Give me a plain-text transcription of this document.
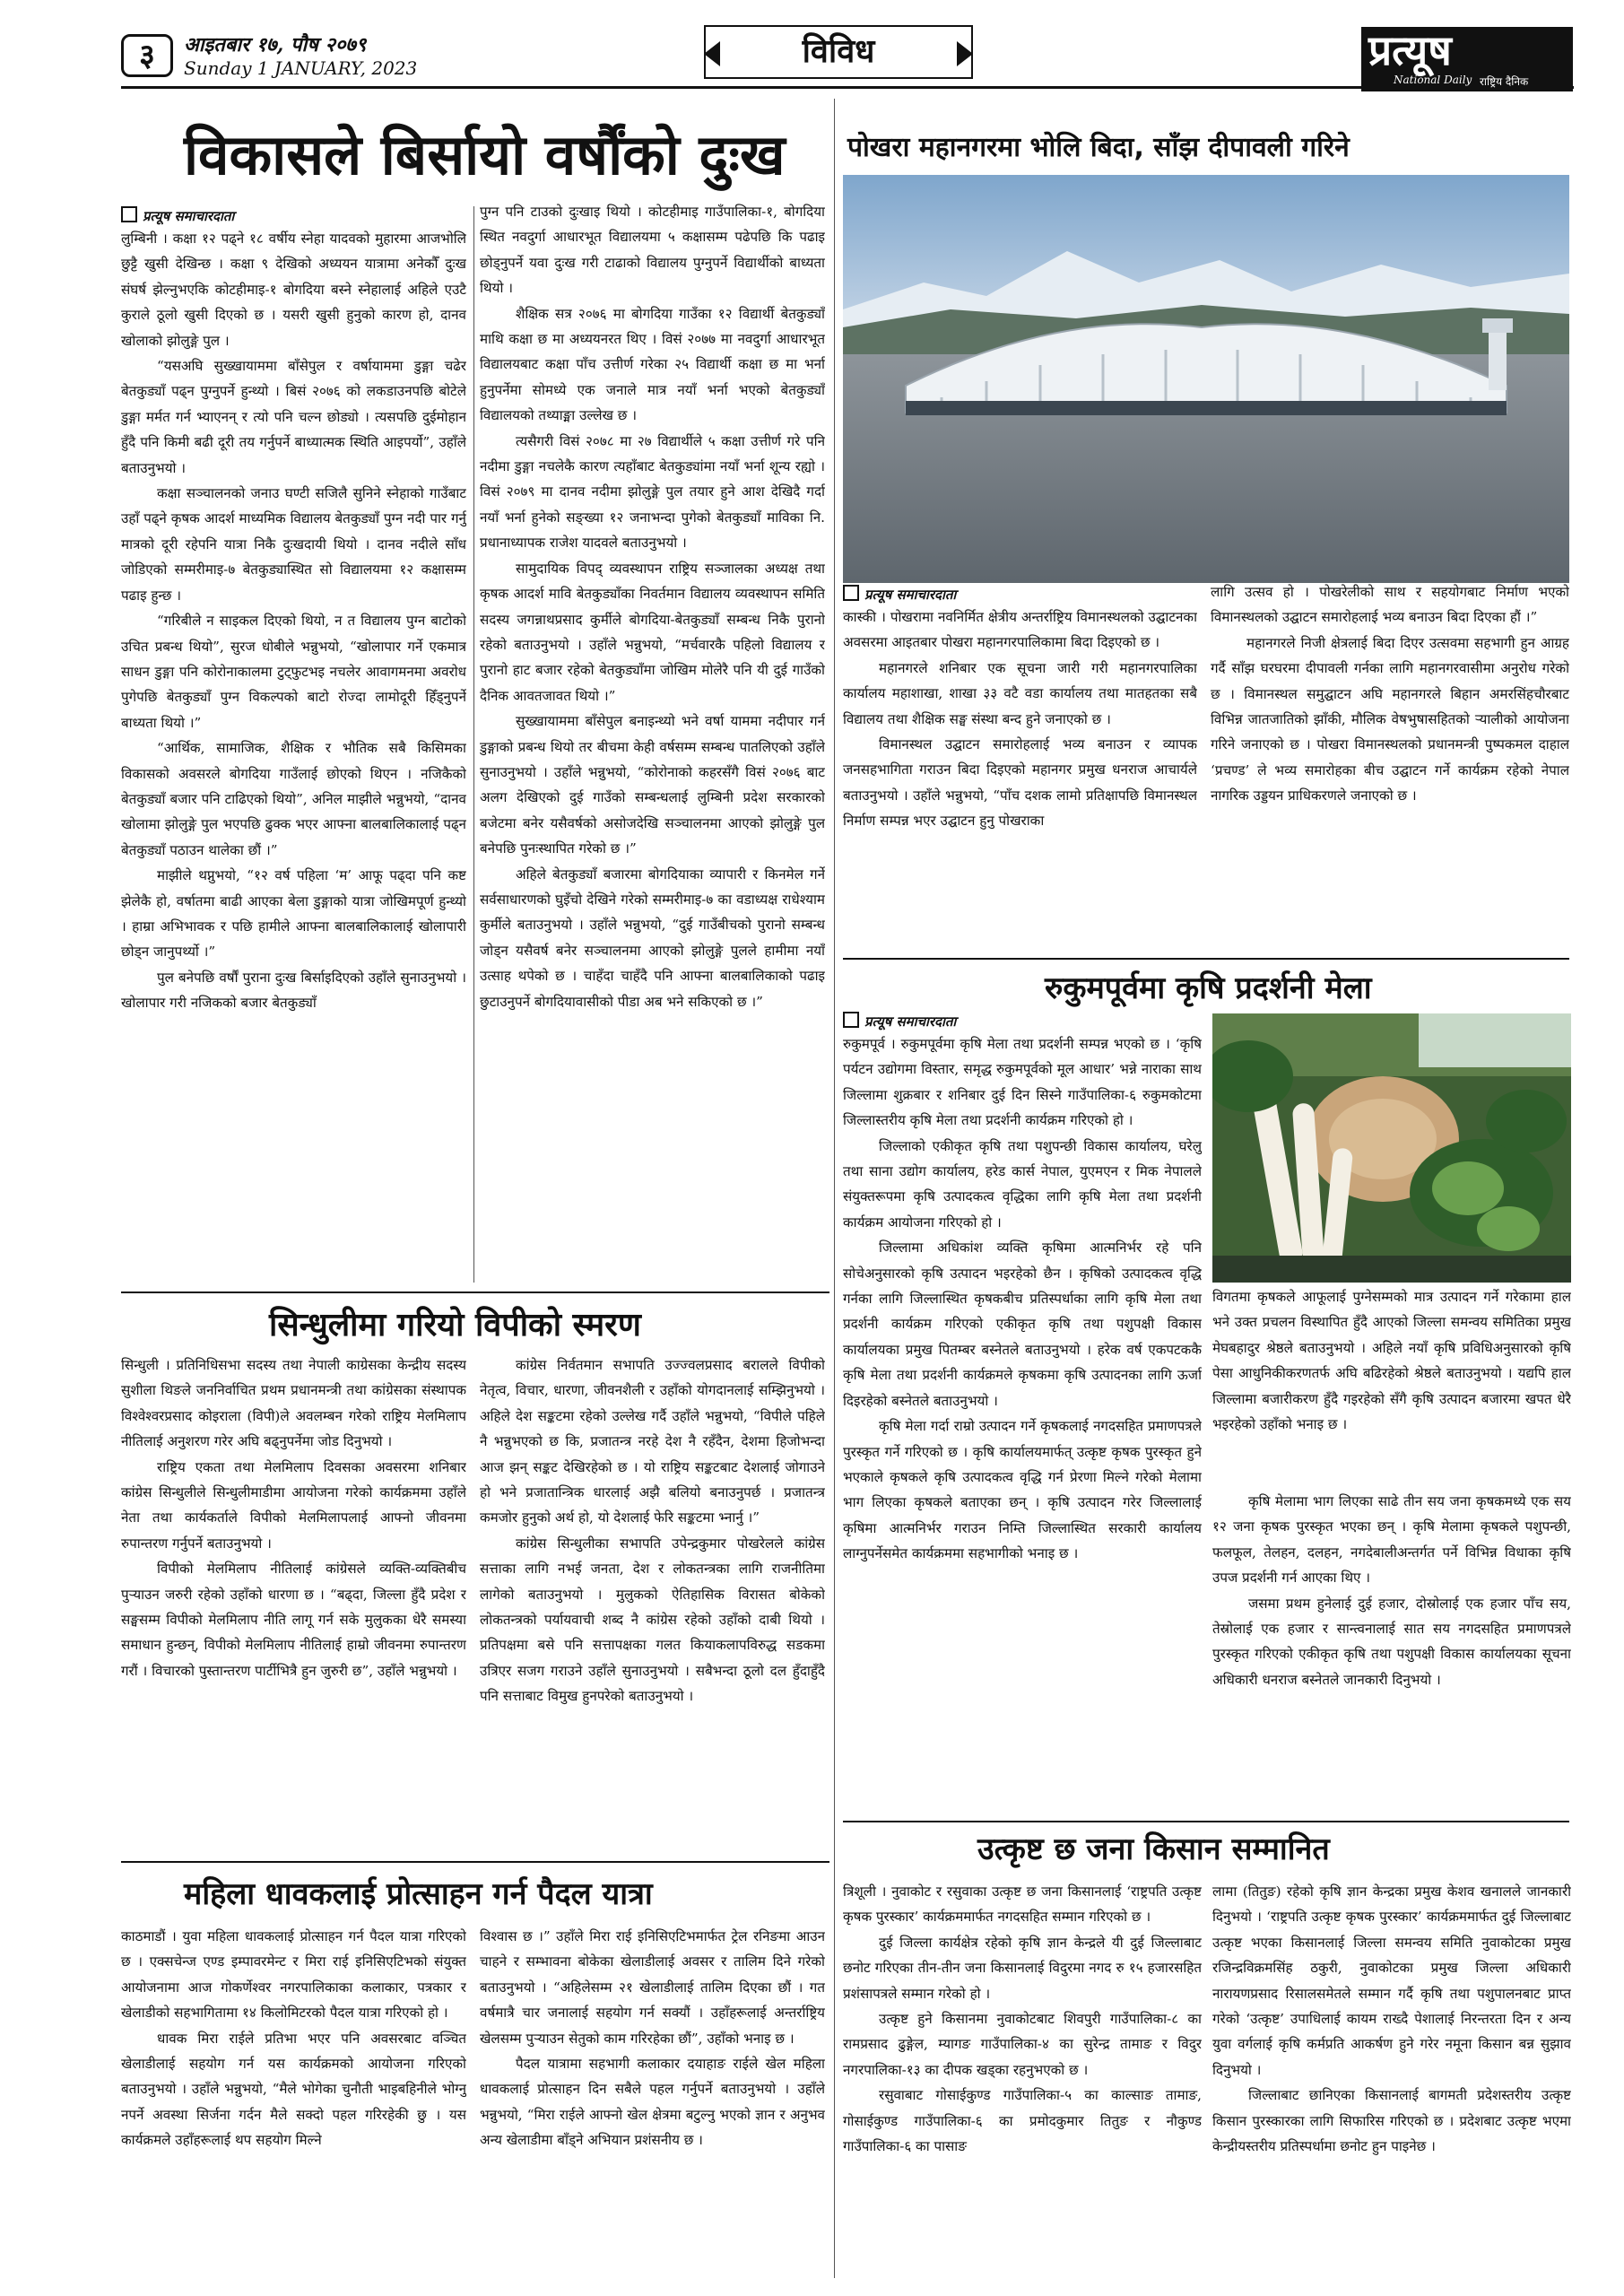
३	आइतबार १७, पौष २०७९
Sunday 1 JANUARY, 2023	विविध	प्रत्यूष
National Daily राष्ट्रिय दैनिक
विकासले बिर्सायो वर्षौंको दुःख
प्रत्यूष समाचारदाता

लुम्बिनी । कक्षा १२ पढ्ने १८ वर्षीय स्नेहा यादवको मुहारमा आजभोलि छुट्टै खुसी देखिन्छ । कक्षा ९ देखिको अध्ययन यात्रामा अनेकौँ दुःख संघर्ष झेल्नुभएकि कोटहीमाइ-१ बोगदिया बस्ने स्नेहालाई अहिले एउटै कुराले ठूलो खुसी दिएको छ । यसरी खुसी हुनुको कारण हो, दानव खोलाको झोलुङ्गे पुल ।

“यसअघि सुख्खायाममा बाँसेपुल र वर्षायाममा डुङ्गा चढेर बेतकुड्याँ पढ्न पुग्नुपर्ने हुन्थ्यो । बिसं २०७६ को लकडाउनपछि बोटेले डुङ्गा मर्मत गर्न भ्याएनन् र त्यो पनि चल्न छोड्यो । त्यसपछि दुईमोहान हुँदै पनि किमी बढी दूरी तय गर्नुपर्ने बाध्यात्मक स्थिति आइपर्यो”, उहाँले बताउनुभयो ।

कक्षा सञ्चालनको जनाउ घण्टी सजिलै सुनिने स्नेहाको गाउँबाट उहाँ पढ्ने कृषक आदर्श माध्यमिक विद्यालय बेतकुड्याँ पुग्न नदी पार गर्नु मात्रको दूरी रहेपनि यात्रा निकै दुःखदायी थियो । दानव नदीले साँध जोडिएको सम्मरीमाइ-७ बेतकुड्यास्थित सो विद्यालयमा १२ कक्षासम्म पढाइ हुन्छ ।

“गरिबीले न साइकल दिएको थियो, न त विद्यालय पुग्न बाटोको उचित प्रबन्ध थियो”, सुरज धोबीले भन्नुभयो, “खोलापार गर्ने एकमात्र साधन डुङ्गा पनि कोरोनाकालमा टुट्फुटभइ नचलेर आवागमनमा अवरोध पुगेपछि बेतकुड्याँ पुग्न विकल्पको बाटो रोज्दा लामोदूरी हिँड्नुपर्ने बाध्यता थियो ।”

“आर्थिक, सामाजिक, शैक्षिक र भौतिक सबै किसिमका विकासको अवसरले बोगदिया गाउँलाई छोएको थिएन । नजिकैको बेतकुड्याँ बजार पनि टाढिएको थियो”, अनिल माझीले भन्नुभयो, “दानव खोलामा झोलुङ्गे पुल भएपछि ढुक्क भएर आफ्ना बालबालिकालाई पढ्न बेतकुड्याँ पठाउन थालेका छौं ।”

माझीले थप्नुभयो, “१२ वर्ष पहिला ‘म’ आफू पढ्दा पनि कष्ट झेलेकै हो, वर्षातमा बाढी आएका बेला डुङ्गाको यात्रा जोखिमपूर्ण हुन्थ्यो । हाम्रा अभिभावक र पछि हामीले आफ्ना बालबालिकालाई खोलापारी छोड्न जानुपर्थ्यो ।”

पुल बनेपछि वर्षौं पुराना दुःख बिर्साइदिएको उहाँले सुनाउनुभयो । खोलापार गरी नजिकको बजार बेतकुड्याँ

पुग्न पनि टाउको दुःखाइ थियो । कोटहीमाइ गाउँपालिका-१, बोगदिया स्थित नवदुर्गा आधारभूत विद्यालयमा ५ कक्षासम्म पढेपछि कि पढाइ छोड्नुपर्ने यवा दुःख गरी टाढाको विद्यालय पुग्नुपर्ने विद्यार्थीको बाध्यता थियो ।

शैक्षिक सत्र २०७६ मा बोगदिया गाउँका १२ विद्यार्थी बेतकुड्याँ माथि कक्षा छ मा अध्ययनरत थिए । विसं २०७७ मा नवदुर्गा आधारभूत विद्यालयबाट कक्षा पाँच उत्तीर्ण गरेका २५ विद्यार्थी कक्षा छ मा भर्ना हुनुपर्नेमा सोमध्ये एक जनाले मात्र नयाँ भर्ना भएको बेतकुड्याँ विद्यालयको तथ्याङ्मा उल्लेख छ ।

त्यसैगरी विसं २०७८ मा २७ विद्यार्थीले ५ कक्षा उत्तीर्ण गरे पनि नदीमा डुङ्गा नचलेकै कारण त्यहाँबाट बेतकुड्यांमा नयाँ भर्ना शून्य रह्यो । विसं २०७९ मा दानव नदीमा झोलुङ्गे पुल तयार हुने आश देखिदै गर्दा नयाँ भर्ना हुनेको सङ्ख्या १२ जनाभन्दा पुगेको बेतकुड्याँ माविका नि. प्रधानाध्यापक राजेश यादवले बताउनुभयो ।

सामुदायिक विपद् व्यवस्थापन राष्ट्रिय सञ्जालका अध्यक्ष तथा कृषक आदर्श मावि बेतकुड्याँका निवर्तमान विद्यालय व्यवस्थापन समिति सदस्य जगन्नाथप्रसाद कुर्मीले बोगदिया-बेतकुड्याँ सम्बन्ध निकै पुरानो रहेको बताउनुभयो । उहाँले भन्नुभयो, “मर्चवारकै पहिलो विद्यालय र पुरानो हाट बजार रहेको बेतकुड्याँमा जोखिम मोलेरै पनि यी दुई गाउँको दैनिक आवतजावत थियो ।”

सुख्खायाममा बाँसेपुल बनाइन्थ्यो भने वर्षा याममा नदीपार गर्न डुङ्गाको प्रबन्ध थियो तर बीचमा केही वर्षसम्म सम्बन्ध पातलिएको उहाँले सुनाउनुभयो । उहाँले भन्नुभयो, “कोरोनाको कहरसँगै विसं २०७६ बाट अलग देखिएको दुई गाउँको सम्बन्धलाई लुम्बिनी प्रदेश सरकारको बजेटमा बनेर यसैवर्षको असोजदेखि सञ्चालनमा आएको झोलुङ्गे पुल बनेपछि पुनःस्थापित गरेको छ ।”

अहिले बेतकुड्याँ बजारमा बोगदियाका व्यापारी र किनमेल गर्ने सर्वसाधारणको घुइँचो देखिने गरेको सम्मरीमाइ-७ का वडाध्यक्ष राधेश्याम कुर्मीले बताउनुभयो । उहाँले भन्नुभयो, “दुई गाउँबीचको पुरानो सम्बन्ध जोड्न यसैवर्ष बनेर सञ्चालनमा आएको झोलुङ्गे पुलले हामीमा नयाँ उत्साह थपेको छ । चाहँदा चाहँदै पनि आफ्ना बालबालिकाको पढाइ छुटाउनुपर्ने बोगदियावासीको पीडा अब भने सकिएको छ ।”

पोखरा महानगरमा भोलि बिदा, साँझ दीपावली गरिने
प्रत्यूष समाचारदाता

कास्की । पोखरामा नवनिर्मित क्षेत्रीय अन्तर्राष्ट्रिय विमानस्थलको उद्घाटनका अवसरमा आइतबार पोखरा महानगरपालिकामा बिदा दिइएको छ ।

महानगरले शनिबार एक सूचना जारी गरी महानगरपालिका कार्यालय महाशाखा, शाखा ३३ वटै वडा कार्यालय तथा मातहतका सबै विद्यालय तथा शैक्षिक सङ्घ संस्था बन्द हुने जनाएको छ ।

विमानस्थल उद्घाटन समारोहलाई भव्य बनाउन र व्यापक जनसहभागिता गराउन बिदा दिइएको महानगर प्रमुख धनराज आचार्यले बताउनुभयो । उहाँले भन्नुभयो, “पाँच दशक लामो प्रतिक्षापछि विमानस्थल निर्माण सम्पन्न भएर उद्घाटन हुनु पोखराका

लागि उत्सव हो । पोखरेलीको साथ र सहयोगबाट निर्माण भएको विमानस्थलको उद्घाटन समारोहलाई भव्य बनाउन बिदा दिएका हौं ।”

महानगरले निजी क्षेत्रलाई बिदा दिएर उत्सवमा सहभागी हुन आग्रह गर्दै साँझ घरघरमा दीपावली गर्नका लागि महानगरवासीमा अनुरोध गरेको छ । विमानस्थल समुद्घाटन अघि महानगरले बिहान अमरसिंहचौरबाट विभिन्न जातजातिको झाँकी, मौलिक वेषभुषासहितको ऱ्यालीको आयोजना गरिने जनाएको छ । पोखरा विमानस्थलको प्रधानमन्त्री पुष्पकमल दाहाल ‘प्रचण्ड’ ले भव्य समारोहका बीच उद्घाटन गर्ने कार्यक्रम रहेको नेपाल नागरिक उड्डयन प्राधिकरणले जनाएको छ ।

रुकुमपूर्वमा कृषि प्रदर्शनी मेला
प्रत्यूष समाचारदाता

रुकुमपूर्व । रुकुमपूर्वमा कृषि मेला तथा प्रदर्शनी सम्पन्न भएको छ । ‘कृषि पर्यटन उद्योगमा विस्तार, समृद्ध रुकुमपूर्वको मूल आधार’ भन्ने नाराका साथ जिल्लामा शुक्रबार र शनिबार दुई दिन सिस्ने गाउँपालिका-६ रुकुमकोटमा जिल्लास्तरीय कृषि मेला तथा प्रदर्शनी कार्यक्रम गरिएको हो ।

जिल्लाको एकीकृत कृषि तथा पशुपन्छी विकास कार्यालय, घरेलु तथा साना उद्योग कार्यालय, हरेड कार्स नेपाल, युएमएन र मिक नेपालले संयुक्तरूपमा कृषि उत्पादकत्व वृद्धिका लागि कृषि मेला तथा प्रदर्शनी कार्यक्रम आयोजना गरिएको हो ।

जिल्लामा अधिकांश व्यक्ति कृषिमा आत्मनिर्भर रहे पनि सोचेअनुसारको कृषि उत्पादन भइरहेको छैन । कृषिको उत्पादकत्व वृद्धि गर्नका लागि जिल्लास्थित कृषकबीच प्रतिस्पर्धाका लागि कृषि मेला तथा प्रदर्शनी कार्यक्रम गरिएको एकीकृत कृषि तथा पशुपक्षी विकास कार्यालयका प्रमुख पितम्बर बस्नेतले बताउनुभयो । हरेक वर्ष एकपटककै कृषि मेला तथा प्रदर्शनी कार्यक्रमले कृषकमा कृषि उत्पादनका लागि ऊर्जा दिइरहेको बस्नेतले बताउनुभयो ।

कृषि मेला गर्दा राम्रो उत्पादन गर्ने कृषकलाई नगदसहित प्रमाणपत्रले पुरस्कृत गर्ने गरिएको छ । कृषि कार्यालयमार्फत् उत्कृष्ट कृषक पुरस्कृत हुने भएकाले कृषकले कृषि उत्पादकत्व वृद्धि गर्न प्रेरणा मिल्ने गरेको मेलामा भाग लिएका कृषकले बताएका छन् । कृषि उत्पादन गरेर जिल्लालाई कृषिमा आत्मनिर्भर गराउन निम्ति जिल्लास्थित सरकारी कार्यालय लाग्नुपर्नेसमेत कार्यक्रममा सहभागीको भनाइ छ ।

विगतमा कृषकले आफूलाई पुग्नेसम्मको मात्र उत्पादन गर्ने गरेकामा हाल भने उक्त प्रचलन विस्थापित हुँदै आएको जिल्ला समन्वय समितिका प्रमुख मेघबहादुर श्रेष्ठले बताउनुभयो । अहिले नयाँ कृषि प्रविधिअनुसारको कृषि पेसा आधुनिकीकरणतर्फ अघि बढिरहेको श्रेष्ठले बताउनुभयो । यद्यपि हाल जिल्लामा बजारीकरण हुँदै गइरहेको सँगै कृषि उत्पादन बजारमा खपत धेरै भइरहेको उहाँको भनाइ छ ।

कृषि मेलामा भाग लिएका साढे तीन सय जना कृषकमध्ये एक सय १२ जना कृषक पुरस्कृत भएका छन् । कृषि मेलामा कृषकले पशुपन्छी, फलफूल, तेलहन, दलहन, नगदेबालीअन्तर्गत पर्ने विभिन्न विधाका कृषि उपज प्रदर्शनी गर्न आएका थिए ।

जसमा प्रथम हुनेलाई दुई हजार, दोस्रोलाई एक हजार पाँच सय, तेस्रोलाई एक हजार र सान्त्वनालाई सात सय नगदसहित प्रमाणपत्रले पुरस्कृत गरिएको एकीकृत कृषि तथा पशुपक्षी विकास कार्यालयका सूचना अधिकारी धनराज बस्नेतले जानकारी दिनुभयो ।

सिन्धुलीमा गरियो विपीको स्मरण

सिन्धुली । प्रतिनिधिसभा सदस्य तथा नेपाली काग्रेसका केन्द्रीय सदस्य सुशीला थिङले जननिर्वाचित प्रथम प्रधानमन्त्री तथा कांग्रेसका संस्थापक विश्वेश्वरप्रसाद कोइराला (विपी)ले अवलम्बन गरेको राष्ट्रिय मेलमिलाप नीतिलाई अनुशरण गरेर अघि बढ्नुपर्नेमा जोड दिनुभयो ।

राष्ट्रिय एकता तथा मेलमिलाप दिवसका अवसरमा शनिबार कांग्रेस सिन्धुलीले सिन्धुलीमाडीमा आयोजना गरेको कार्यक्रममा उहाँले नेता तथा कार्यकर्ताले विपीको मेलमिलापलाई आफ्नो जीवनमा रुपान्तरण गर्नुपर्ने बताउनुभयो ।

विपीको मेलमिलाप नीतिलाई कांग्रेसले व्यक्ति-व्यक्तिबीच पुऱ्याउन जरुरी रहेको उहाँको धारणा छ । “बढ्दा, जिल्ला हुँदै प्रदेश र सङ्घसम्म विपीको मेलमिलाप नीति लागू गर्न सके मुलुकका धेरै समस्या समाधान हुन्छन्, विपीको मेलमिलाप नीतिलाई हाम्रो जीवनमा रुपान्तरण गरौं । विचारको पुस्तान्तरण पार्टीभित्रै हुन जुरुरी छ”, उहाँले भन्नुभयो ।

कांग्रेस निर्वतमान सभापति उज्ज्वलप्रसाद बरालले विपीको नेतृत्व, विचार, धारणा, जीवनशैली र उहाँको योगदानलाई सम्झिनुभयो । अहिले देश सङ्कटमा रहेको उल्लेख गर्दै उहाँले भन्नुभयो, “विपीले पहिले नै भन्नुभएको छ कि, प्रजातन्त्र नरहे देश नै रहँदैन, देशमा हिजोभन्दा आज झन् सङ्कट देखिरहेको छ । यो राष्ट्रिय सङ्कटबाट देशलाई जोगाउने हो भने प्रजातान्त्रिक धारलाई अझै बलियो बनाउनुपर्छ । प्रजातन्त्र कमजोर हुनुको अर्थ हो, यो देशलाई फेरि सङ्कटमा भ्नार्नु ।”

कांग्रेस सिन्धुलीका सभापति उपेन्द्रकुमार पोखरेलले कांग्रेस सत्ताका लागि नभई जनता, देश र लोकतन्त्रका लागि राजनीतिमा लागेको बताउनुभयो । मुलुकको ऐतिहासिक विरासत बोकेको लोकतन्त्रको पर्यायवाची शब्द नै कांग्रेस रहेको उहाँको दाबी थियो । प्रतिपक्षमा बसे पनि सत्तापक्षका गलत कियाकलापविरुद्ध सडकमा उत्रिएर सजग गराउने उहाँले सुनाउनुभयो । सबैभन्दा ठूलो दल हुँदाहुँदै पनि सत्ताबाट विमुख हुनपरेको बताउनुभयो ।

महिला धावकलाई प्रोत्साहन गर्न पैदल यात्रा

काठमाडौं । युवा महिला धावकलाई प्रोत्साहन गर्न पैदल यात्रा गरिएको छ । एक्सचेन्ज एण्ड इम्पावरमेन्ट र मिरा राई इनिसिएटिभको संयुक्त आयोजनामा आज गोकर्णेश्वर नगरपालिकाका कलाकार, पत्रकार र खेलाडीको सहभागितामा १४ किलोमिटरको पैदल यात्रा गरिएको हो ।

धावक मिरा राईले प्रतिभा भएर पनि अवसरबाट वञ्चित खेलाडीलाई सहयोग गर्न यस कार्यक्रमको आयोजना गरिएको बताउनुभयो । उहाँले भन्नुभयो, “मैले भोगेका चुनौती भाइबहिनीले भोग्नु नपर्ने अवस्था सिर्जना गर्दन मैले सक्दो पहल गरिरहेकी छु । यस कार्यक्रमले उहाँहरूलाई थप सहयोग मिल्ने

विश्वास छ ।” उहाँले मिरा राई इनिसिएटिभमार्फत ट्रेल रनिङमा आउन चाहने र सम्भावना बोकेका खेलाडीलाई अवसर र तालिम दिने गरेको बताउनुभयो । “अहिलेसम्म २१ खेलाडीलाई तालिम दिएका छौं । गत वर्षमात्रै चार जनालाई सहयोग गर्न सक्यौं । उहाँहरूलाई अन्तर्राष्ट्रिय खेलसम्म पुऱ्याउन सेतुको काम गरिरहेका छौं”, उहाँको भनाइ छ ।

पैदल यात्रामा सहभागी कलाकार दयाहाङ राईले खेल महिला धावकलाई प्रोत्साहन दिन सबैले पहल गर्नुपर्ने बताउनुभयो । उहाँले भन्नुभयो, “मिरा राईले आफ्नो खेल क्षेत्रमा बटुल्नु भएको ज्ञान र अनुभव अन्य खेलाडीमा बाँड्ने अभियान प्रशंसनीय छ ।

उत्कृष्ट छ जना किसान सम्मानित

त्रिशूली । नुवाकोट र रसुवाका उत्कृष्ट छ जना किसानलाई ‘राष्ट्रपति उत्कृष्ट कृषक पुरस्कार’ कार्यक्रममार्फत नगदसहित सम्मान गरिएको छ ।

दुई जिल्ला कार्यक्षेत्र रहेको कृषि ज्ञान केन्द्रले यी दुई जिल्लाबाट छनोट गरिएका तीन-तीन जना किसानलाई विदुरमा नगद रु १५ हजारसहित प्रशंसापत्रले सम्मान गरेको हो ।

उत्कृष्ट हुने किसानमा नुवाकोटबाट शिवपुरी गाउँपालिका-८ का रामप्रसाद ढुङ्गेल, म्यागङ गाउँपालिका-४ का सुरेन्द्र तामाङ र विदुर नगरपालिका-१३ का दीपक खड्का रहनुभएको छ ।

रसुवाबाट गोसाईकुण्ड गाउँपालिका-५ का काल्साङ तामाङ, गोसाईकुण्ड गाउँपालिका-६ का प्रमोदकुमार तितुङ र नौकुण्ड गाउँपालिका-६ का पासाङ

लामा (तितुङ) रहेको कृषि ज्ञान केन्द्रका प्रमुख केशव खनालले जानकारी दिनुभयो । ‘राष्ट्रपति उत्कृष्ट कृषक पुरस्कार’ कार्यक्रममार्फत दुई जिल्लाबाट उत्कृष्ट भएका किसानलाई जिल्ला समन्वय समिति नुवाकोटका प्रमुख रजिन्द्रविक्रमसिंह ठकुरी, नुवाकोटका प्रमुख जिल्ला अधिकारी नारायणप्रसाद रिसालसमेतले सम्मान गर्दै कृषि तथा पशुपालनबाट प्राप्त गरेको ‘उत्कृष्ट’ उपाधिलाई कायम राख्दै पेशालाई निरन्तरता दिन र अन्य युवा वर्गलाई कृषि कर्मप्रति आकर्षण हुने गरेर नमूना किसान बन्न सुझाव दिनुभयो ।

जिल्लाबाट छानिएका किसानलाई बागमती प्रदेशस्तरीय उत्कृष्ट किसान पुरस्कारका लागि सिफारिस गरिएको छ । प्रदेशबाट उत्कृष्ट भएमा केन्द्रीयस्तरीय प्रतिस्पर्धामा छनोट हुन पाइनेछ ।
